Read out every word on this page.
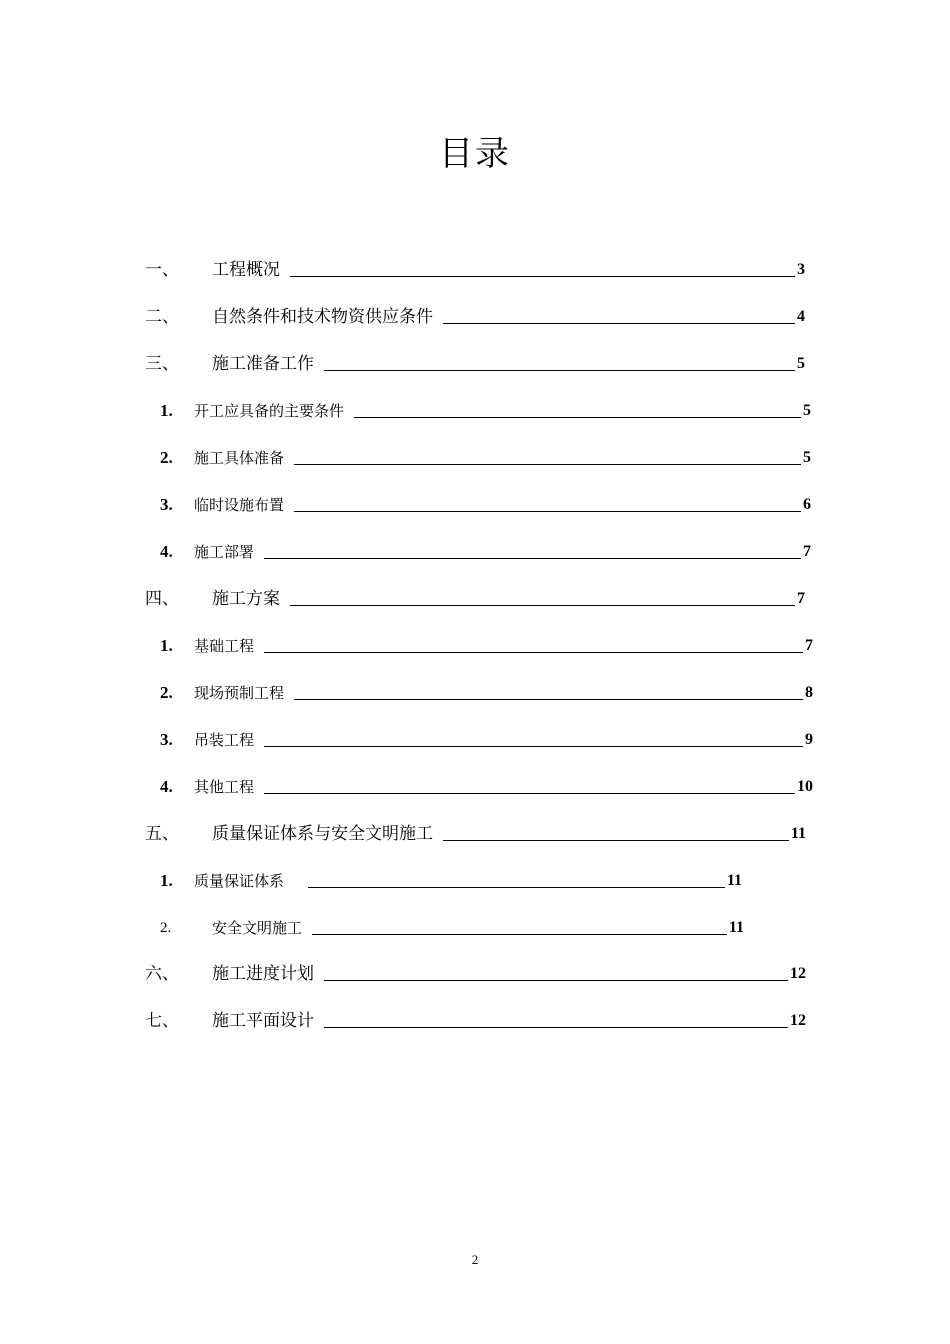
目录
一、	工程概况	3
二、	自然条件和技术物资供应条件	4
三、	施工准备工作	5
1.	开工应具备的主要条件	5
2.	施工具体准备	5
3.	临时设施布置	6
4.	施工部署	7
四、	施工方案	7
1.	基础工程	7
2.	现场预制工程	8
3.	吊装工程	9
4.	其他工程	10
五、	质量保证体系与安全文明施工	11
1.	质量保证体系	11
2.	安全文明施工	11
六、	施工进度计划	12
七、	施工平面设计	12
2
